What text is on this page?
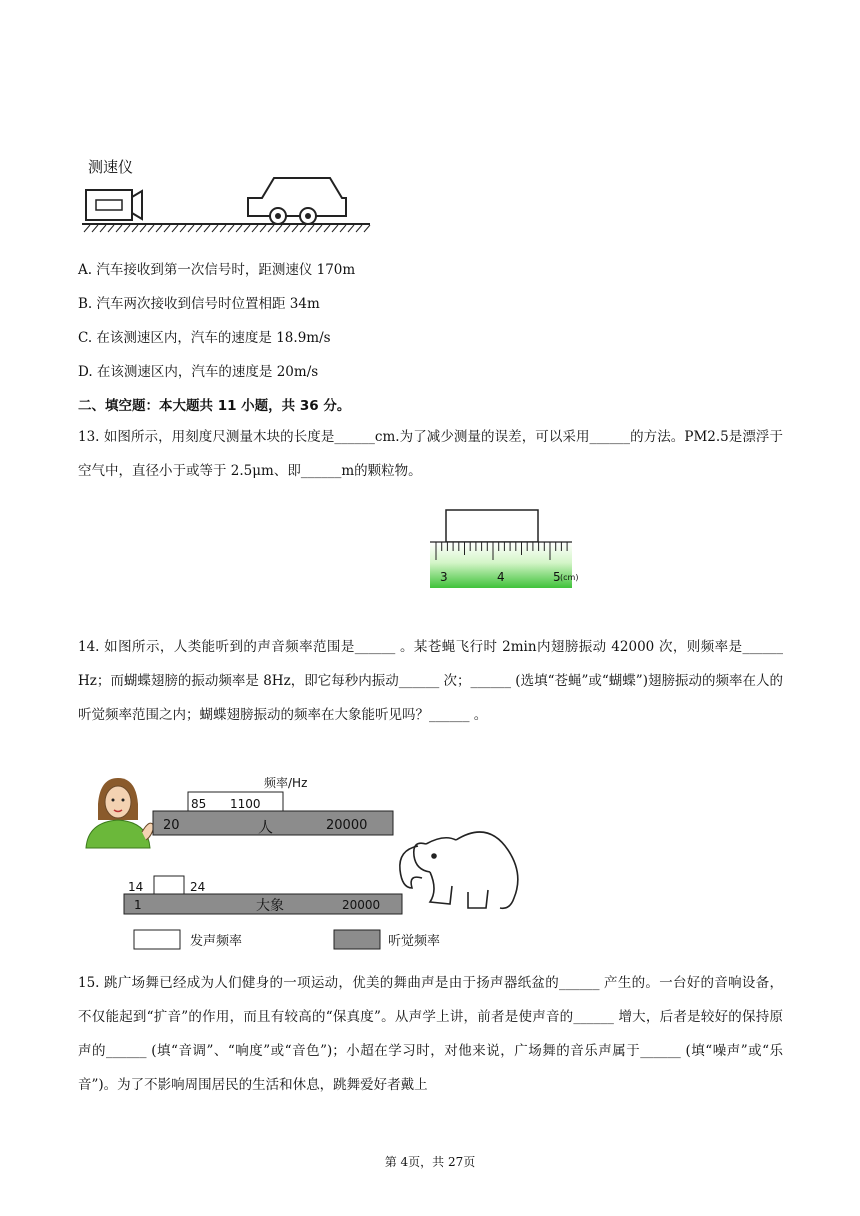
测速仪
A. 汽车接收到第一次信号时，距测速仪 170m
B. 汽车两次接收到信号时位置相距 34m
C. 在该测速区内，汽车的速度是 18.9m/s
D. 在该测速区内，汽车的速度是 20m/s
二、填空题：本大题共 11 小题，共 36 分。
13. 如图所示，用刻度尺测量木块的长度是______cm.为了减少测量的误差，可以采用______的方法。PM2.5是漂浮于空气中，直径小于或等于 2.5μm、即______m的颗粒物。
3	4	5 (cm)
14. 如图所示，人类能听到的声音频率范围是______ 。某苍蝇飞行时 2min内翅膀振动 42000 次，则频率是______ Hz；而蝴蝶翅膀的振动频率是 8Hz，即它每秒内振动______ 次；______ (选填“苍蝇”或“蝴蝶”)翅膀振动的频率在人的听觉频率范围之内；蝴蝶翅膀振动的频率在大象能听见吗？______ 。
频率/Hz
85 1100
20	人	20000
14	24
1	大象	20000
发声频率	听觉频率
15. 跳广场舞已经成为人们健身的一项运动，优美的舞曲声是由于扬声器纸盆的______ 产生的。一台好的音响设备，不仅能起到“扩音”的作用，而且有较高的“保真度”。从声学上讲，前者是使声音的______ 增大，后者是较好的保持原声的______ (填“音调”、“响度”或“音色”)；小超在学习时，对他来说，广场舞的音乐声属于______ (填“噪声”或“乐音”)。为了不影响周围居民的生活和休息，跳舞爱好者戴上
第 4页，共 27页
